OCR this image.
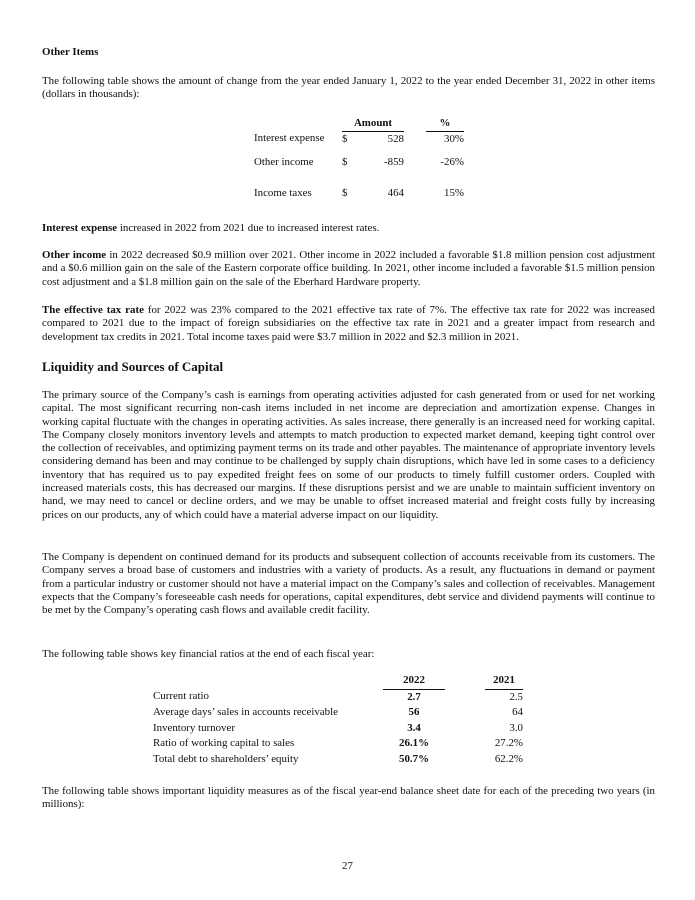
Other Items
The following table shows the amount of change from the year ended January 1, 2022 to the year ended December 31, 2022 in other items (dollars in thousands):
			Amount			%
Interest expense			$	528		30%
Other income			$	-859		-26%
Income taxes			$	464		15%
Interest expense increased in 2022 from 2021 due to increased interest rates.
Other income in 2022 decreased $0.9 million over 2021. Other income in 2022 included a favorable $1.8 million pension cost adjustment and a $0.6 million gain on the sale of the Eastern corporate office building. In 2021, other income included a favorable $1.5 million pension cost adjustment and a $1.8 million gain on the sale of the Eberhard Hardware property.
The effective tax rate for 2022 was 23% compared to the 2021 effective tax rate of 7%. The effective tax rate for 2022 was increased compared to 2021 due to the impact of foreign subsidiaries on the effective tax rate in 2021 and a greater impact from research and development tax credits in 2021. Total income taxes paid were $3.7 million in 2022 and $2.3 million in 2021.
Liquidity and Sources of Capital
The primary source of the Company’s cash is earnings from operating activities adjusted for cash generated from or used for net working capital. The most significant recurring non-cash items included in net income are depreciation and amortization expense. Changes in working capital fluctuate with the changes in operating activities. As sales increase, there generally is an increased need for working capital. The Company closely monitors inventory levels and attempts to match production to expected market demand, keeping tight control over the collection of receivables, and optimizing payment terms on its trade and other payables. The maintenance of appropriate inventory levels considering demand has been and may continue to be challenged by supply chain disruptions, which have led in some cases to a deficiency inventory that has required us to pay expedited freight fees on some of our products to timely fulfill customer orders. Coupled with increased materials costs, this has decreased our margins. If these disruptions persist and we are unable to maintain sufficient inventory on hand, we may need to cancel or decline orders, and we may be unable to offset increased material and freight costs fully by increasing prices on our products, any of which could have a material adverse impact on our liquidity.
The Company is dependent on continued demand for its products and subsequent collection of accounts receivable from its customers. The Company serves a broad base of customers and industries with a variety of products. As a result, any fluctuations in demand or payment from a particular industry or customer should not have a material impact on the Company’s sales and collection of receivables. Management expects that the Company’s foreseeable cash needs for operations, capital expenditures, debt service and dividend payments will continue to be met by the Company’s operating cash flows and available credit facility.
The following table shows key financial ratios at the end of each fiscal year:
	2022		2021
Current ratio	2.7		2.5
Average days’ sales in accounts receivable	56		64
Inventory turnover	3.4		3.0
Ratio of working capital to sales	26.1%		27.2%
Total debt to shareholders’ equity	50.7%		62.2%
The following table shows important liquidity measures as of the fiscal year-end balance sheet date for each of the preceding two years (in millions):
27
